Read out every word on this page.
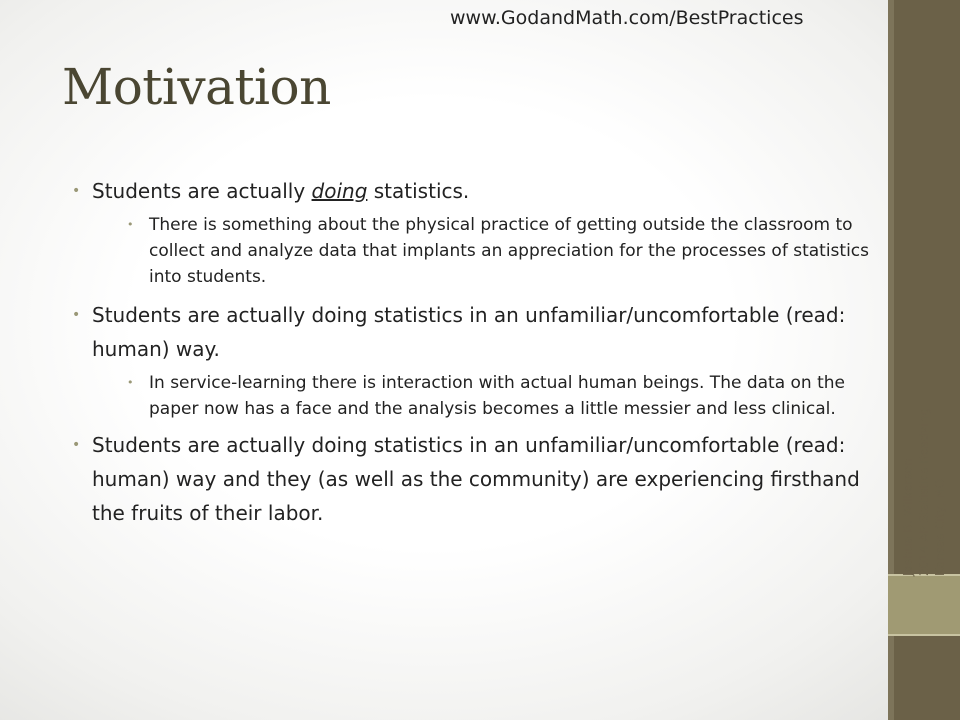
www.GodandMath.com/BestPractices
Motivation
• Students are actually doing statistics.
• There is something about the physical practice of getting outside the classroom to collect and analyze data that implants an appreciation for the processes of statistics into students.
• Students are actually doing statistics in an unfamiliar/uncomfortable (read: human) way.
• In service-learning there is interaction with actual human beings. The data on the paper now has a face and the analysis becomes a little messier and less clinical.
• Students are actually doing statistics in an unfamiliar/uncomfortable (read: human) way and they (as well as the community) are experiencing firsthand the fruits of their labor.	Joshua B. Wilkerson 2014 AP Statistics Readying Kansas City, MO
